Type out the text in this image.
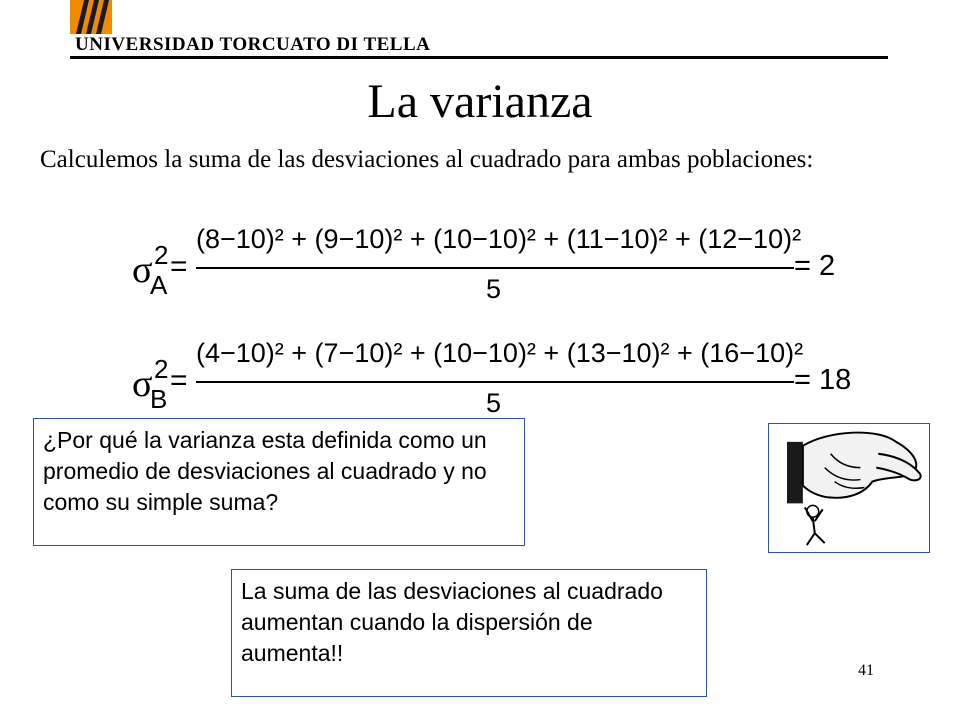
UNIVERSIDAD TORCUATO DI TELLA
La varianza
Calculemos la suma de las desviaciones al cuadrado para ambas poblaciones:
σ 2
A
=
(8−10)² + (9−10)² + (10−10)² + (11−10)² + (12−10)²
5
= 2
σ 2
B
=
(4−10)² + (7−10)² + (10−10)² + (13−10)² + (16−10)²
5
= 18
¿Por qué la varianza esta definida como un promedio de desviaciones al cuadrado y no como su simple suma?
La suma de las desviaciones al cuadrado aumentan cuando la dispersión de aumenta!!
41
